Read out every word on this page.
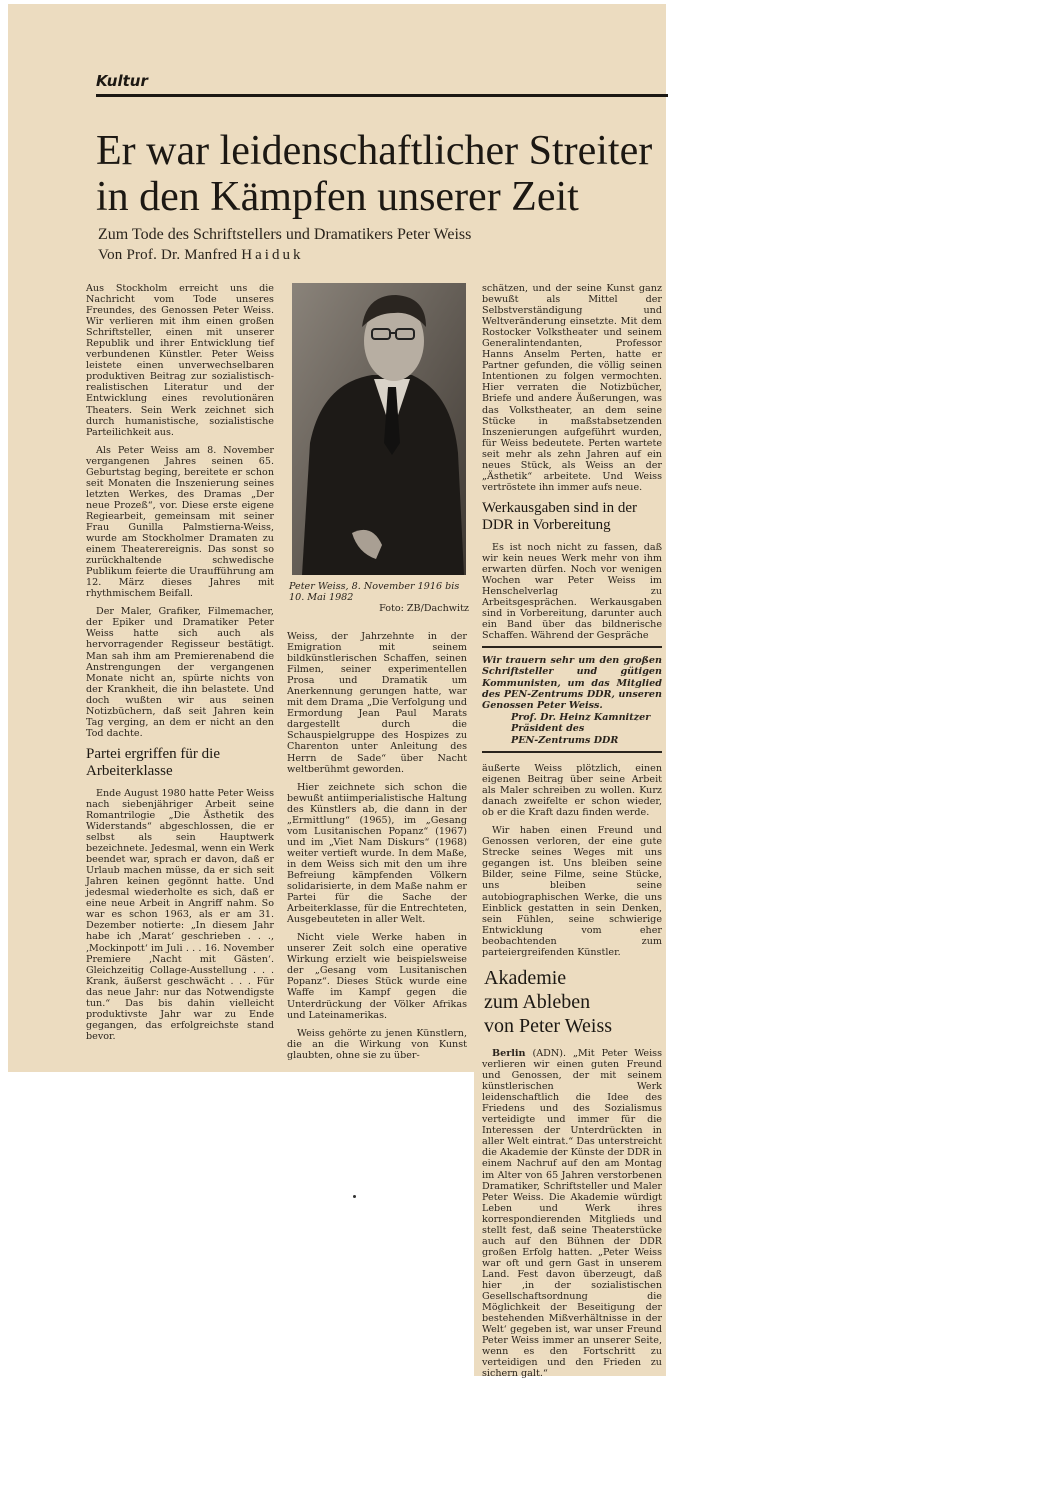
Kultur
Er war leidenschaftlicher Streiter in den Kämpfen unserer Zeit
Zum Tode des Schriftstellers und Dramatikers Peter Weiss
Von Prof. Dr. Manfred Haiduk

Aus Stockholm erreicht uns die Nachricht vom Tode unseres Freundes, des Genossen Peter Weiss. Wir verlieren mit ihm einen großen Schriftsteller, einen mit unserer Republik und ihrer Entwicklung tief verbundenen Künstler. Peter Weiss leistete einen unverwechselbaren produktiven Beitrag zur sozialistisch-realistischen Literatur und der Entwicklung eines revolutionären Theaters. Sein Werk zeichnet sich durch humanistische, sozialistische Parteilichkeit aus.

Als Peter Weiss am 8. November vergangenen Jahres seinen 65. Geburtstag beging, bereitete er schon seit Monaten die Inszenierung seines letzten Werkes, des Dramas „Der neue Prozeß“, vor. Diese erste eigene Regiearbeit, gemeinsam mit seiner Frau Gunilla Palmstierna-Weiss, wurde am Stockholmer Dramaten zu einem Theaterereignis. Das sonst so zurückhaltende schwedische Publikum feierte die Uraufführung am 12. März dieses Jahres mit rhythmischem Beifall.

Der Maler, Grafiker, Filmemacher, der Epiker und Dramatiker Peter Weiss hatte sich auch als hervorragender Regisseur bestätigt. Man sah ihm am Premierenabend die Anstrengungen der vergangenen Monate nicht an, spürte nichts von der Krankheit, die ihn belastete. Und doch wußten wir aus seinen Notizbüchern, daß seit Jahren kein Tag verging, an dem er nicht an den Tod dachte.

Partei ergriffen für die Arbeiterklasse

Ende August 1980 hatte Peter Weiss nach siebenjähriger Arbeit seine Romantrilogie „Die Ästhetik des Widerstands“ abgeschlossen, die er selbst als sein Hauptwerk bezeichnete. Jedesmal, wenn ein Werk beendet war, sprach er davon, daß er Urlaub machen müsse, da er sich seit Jahren keinen gegönnt hatte. Und jedesmal wiederholte es sich, daß er eine neue Arbeit in Angriff nahm. So war es schon 1963, als er am 31. Dezember notierte: „In diesem Jahr habe ich ‚Marat‘ geschrieben . . ., ‚Mockinpott‘ im Juli . . . 16. November Premiere ‚Nacht mit Gästen‘. Gleichzeitig Collage-Ausstellung . . . Krank, äußerst geschwächt . . . Für das neue Jahr: nur das Notwendigste tun.“ Das bis dahin vielleicht produktivste Jahr war zu Ende gegangen, das erfolgreichste stand bevor.

Peter Weiss, 8. November 1916 bis 10. Mai 1982
Foto: ZB/Dachwitz

Weiss, der Jahrzehnte in der Emigration mit seinem bildkünstlerischen Schaffen, seinen Filmen, seiner experimentellen Prosa und Dramatik um Anerkennung gerungen hatte, war mit dem Drama „Die Verfolgung und Ermordung Jean Paul Marats dargestellt durch die Schauspielgruppe des Hospizes zu Charenton unter Anleitung des Herrn de Sade“ über Nacht weltberühmt geworden.

Hier zeichnete sich schon die bewußt antiimperialistische Haltung des Künstlers ab, die dann in der „Ermittlung“ (1965), im „Gesang vom Lusitanischen Popanz“ (1967) und im „Viet Nam Diskurs“ (1968) weiter vertieft wurde. In dem Maße, in dem Weiss sich mit den um ihre Befreiung kämpfenden Völkern solidarisierte, in dem Maße nahm er Partei für die Sache der Arbeiterklasse, für die Entrechteten, Ausgebeuteten in aller Welt.

Nicht viele Werke haben in unserer Zeit solch eine operative Wirkung erzielt wie beispielsweise der „Gesang vom Lusitanischen Popanz“. Dieses Stück wurde eine Waffe im Kampf gegen die Unterdrückung der Völker Afrikas und Lateinamerikas.

Weiss gehörte zu jenen Künstlern, die an die Wirkung von Kunst glaubten, ohne sie zu über-

schätzen, und der seine Kunst ganz bewußt als Mittel der Selbstverständigung und Weltveränderung einsetzte. Mit dem Rostocker Volkstheater und seinem Generalintendanten, Professor Hanns Anselm Perten, hatte er Partner gefunden, die völlig seinen Intentionen zu folgen vermochten. Hier verraten die Notizbücher, Briefe und andere Äußerungen, was das Volkstheater, an dem seine Stücke in maßstabsetzenden Inszenierungen aufgeführt wurden, für Weiss bedeutete. Perten wartete seit mehr als zehn Jahren auf ein neues Stück, als Weiss an der „Ästhetik“ arbeitete. Und Weiss vertröstete ihn immer aufs neue.

Werkausgaben sind in der DDR in Vorbereitung

Es ist noch nicht zu fassen, daß wir kein neues Werk mehr von ihm erwarten dürfen. Noch vor wenigen Wochen war Peter Weiss im Henschelverlag zu Arbeitsgesprächen. Werkausgaben sind in Vorbereitung, darunter auch ein Band über das bildnerische Schaffen. Während der Gespräche

Wir trauern sehr um den großen Schriftsteller und gütigen Kommunisten, um das Mitglied des PEN-Zentrums DDR, unseren Genossen Peter Weiss.
Prof. Dr. Heinz Kamnitzer
Präsident des
PEN-Zentrums DDR

äußerte Weiss plötzlich, einen eigenen Beitrag über seine Arbeit als Maler schreiben zu wollen. Kurz danach zweifelte er schon wieder, ob er die Kraft dazu finden werde.

Wir haben einen Freund und Genossen verloren, der eine gute Strecke seines Weges mit uns gegangen ist. Uns bleiben seine Bilder, seine Filme, seine Stücke, uns bleiben seine autobiographischen Werke, die uns Einblick gestatten in sein Denken, sein Fühlen, seine schwierige Entwicklung vom eher beobachtenden zum parteiergreifenden Künstler.

Akademie
zum Ableben
von Peter Weiss

Berlin (ADN). „Mit Peter Weiss verlieren wir einen guten Freund und Genossen, der mit seinem künstlerischen Werk leidenschaftlich die Idee des Friedens und des Sozialismus verteidigte und immer für die Interessen der Unterdrückten in aller Welt eintrat.“ Das unterstreicht die Akademie der Künste der DDR in einem Nachruf auf den am Montag im Alter von 65 Jahren verstorbenen Dramatiker, Schriftsteller und Maler Peter Weiss. Die Akademie würdigt Leben und Werk ihres korrespondierenden Mitglieds und stellt fest, daß seine Theaterstücke auch auf den Bühnen der DDR großen Erfolg hatten. „Peter Weiss war oft und gern Gast in unserem Land. Fest davon überzeugt, daß hier ‚in der sozialistischen Gesellschaftsordnung die Möglichkeit der Beseitigung der bestehenden Mißverhältnisse in der Welt‘ gegeben ist, war unser Freund Peter Weiss immer an unserer Seite, wenn es den Fortschritt zu verteidigen und den Frieden zu sichern galt.“
